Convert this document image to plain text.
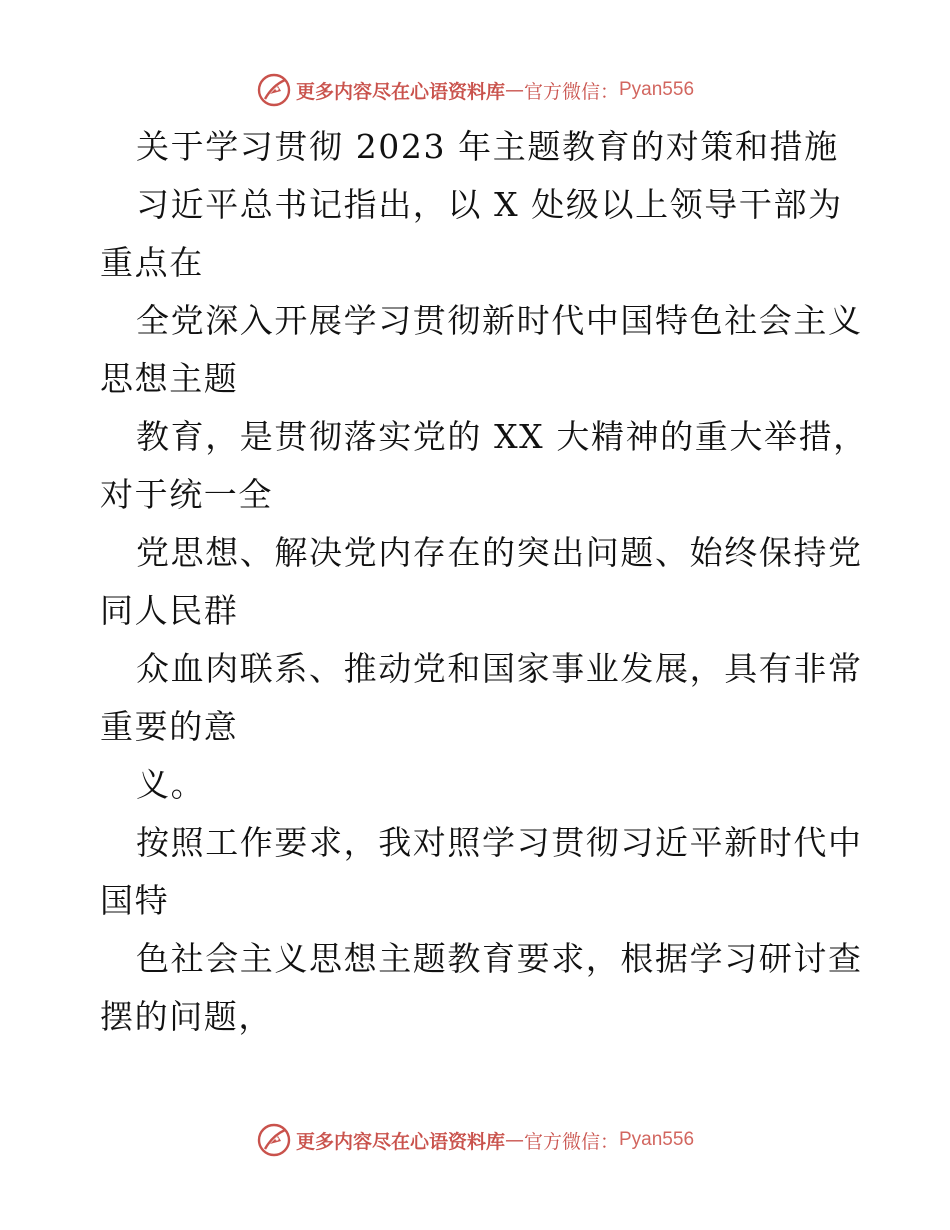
更多内容尽在心语资料库 — 官方微信： Pyan556
关于学习贯彻 2023 年主题教育的对策和措施
习近平总书记指出，以 X 处级以上领导干部为
重点在
全党深入开展学习贯彻新时代中国特色社会主义
思想主题
教育，是贯彻落实党的 XX 大精神的重大举措，
对于统一全
党思想、解决党内存在的突出问题、始终保持党
同人民群
众血肉联系、推动党和国家事业发展，具有非常
重要的意
义。
按照工作要求，我对照学习贯彻习近平新时代中
国特
色社会主义思想主题教育要求，根据学习研讨查
摆的问题，
更多内容尽在心语资料库 — 官方微信： Pyan556
